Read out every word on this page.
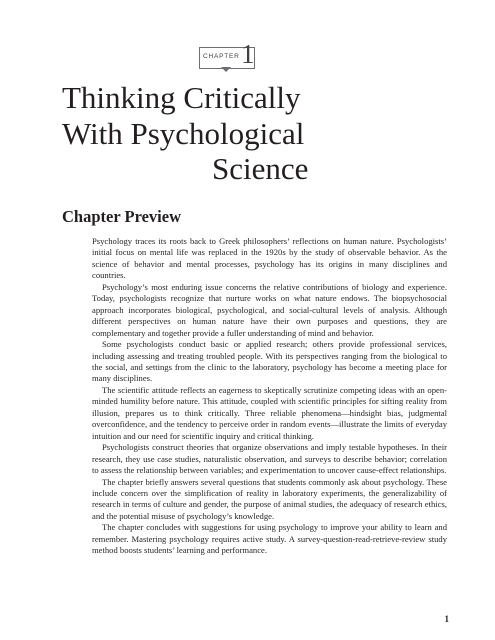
CHAPTER 1
Thinking Critically
With Psychological
Science
Chapter Preview

Psychology traces its roots back to Greek philosophers’ reflections on human nature. Psychologists’ initial focus on mental life was replaced in the 1920s by the study of observable behavior. As the science of behavior and mental processes, psychology has its origins in many disciplines and countries.

Psychology’s most enduring issue concerns the relative contributions of biology and experience. Today, psychologists recognize that nurture works on what nature endows. The biopsychosocial approach incorporates biological, psychological, and social-cultural levels of analysis. Although different perspectives on human nature have their own purposes and questions, they are complementary and together provide a fuller understanding of mind and behavior.

Some psychologists conduct basic or applied research; others provide professional services, including assessing and treating troubled people. With its perspectives ranging from the biological to the social, and settings from the clinic to the laboratory, psychology has become a meeting place for many disciplines.

The scientific attitude reflects an eagerness to skeptically scrutinize competing ideas with an open-minded humility before nature. This attitude, coupled with scientific principles for sifting reality from illusion, prepares us to think critically. Three reliable phenomena—hindsight bias, judgmental overconfidence, and the tendency to perceive order in random events—illustrate the limits of everyday intuition and our need for scientific inquiry and critical thinking.

Psychologists construct theories that organize observations and imply testable hypotheses. In their research, they use case studies, naturalistic observation, and surveys to describe behavior; correlation to assess the relationship between variables; and experimentation to uncover cause-effect relationships.

The chapter briefly answers several questions that students commonly ask about psychology. These include concern over the simplification of reality in laboratory experiments, the generalizability of research in terms of culture and gender, the purpose of animal studies, the adequacy of research ethics, and the potential misuse of psychology’s knowledge.

The chapter concludes with suggestions for using psychology to improve your ability to learn and remember. Mastering psychology requires active study. A survey-question-read-retrieve-review study method boosts students’ learning and performance.

1
